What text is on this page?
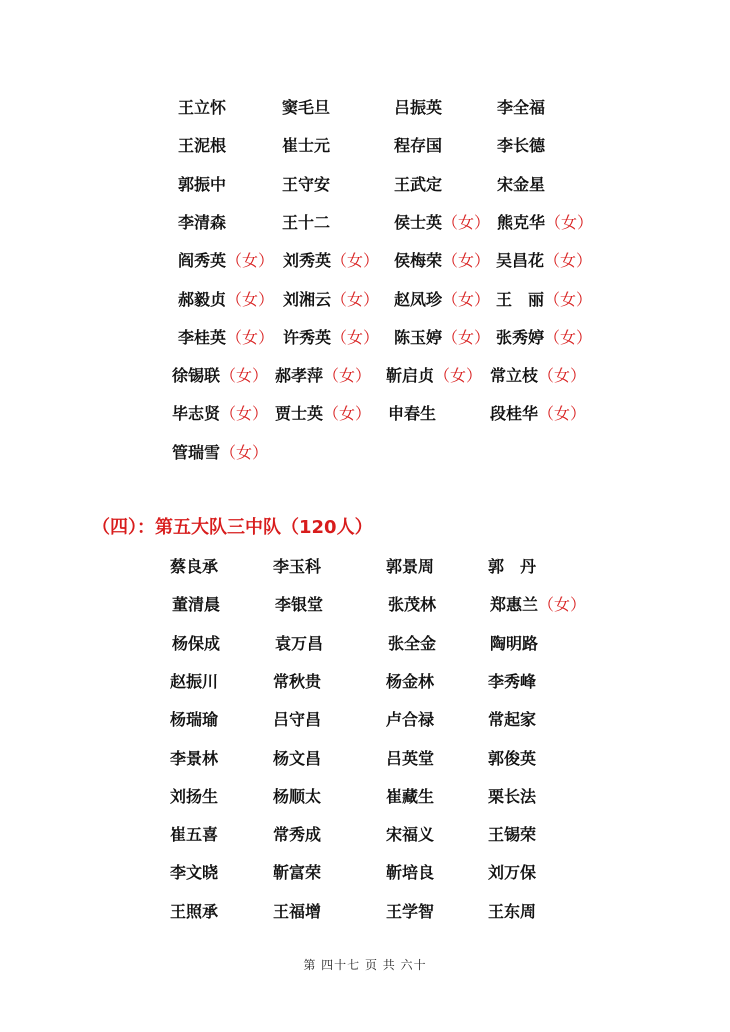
王立怀	窦毛旦	吕振英	李全福
王泥根	崔士元	程存国	李长德
郭振中	王守安	王武定	宋金星
李清森	王十二	侯士英（女） 熊克华（女）
阎秀英（女） 刘秀英（女） 侯梅荣（女） 吴昌花（女）
郝毅贞（女） 刘湘云（女） 赵凤珍（女） 王　丽（女）
李桂英（女） 许秀英（女） 陈玉婷（女） 张秀婷（女）
徐锡联（女） 郝孝萍（女） 靳启贞（女） 常立枝（女）
毕志贤（女） 贾士英（女） 申春生	段桂华（女）
管瑞雪（女）
（四）：第五大队三中队（120人）
蔡良承	李玉科	郭景周	郭　丹
董清晨	李银堂	张茂林	郑惠兰（女）
杨保成	袁万昌	张全金	陶明路
赵振川	常秋贵	杨金林	李秀峰
杨瑞瑜	吕守昌	卢合禄	常起家
李景林	杨文昌	吕英堂	郭俊英
刘扬生	杨顺太	崔藏生	栗长法
崔五喜	常秀成	宋福义	王锡荣
李文晓	靳富荣	靳培良	刘万保
王照承	王福增	王学智	王东周
第 四十七 页 共 六十
